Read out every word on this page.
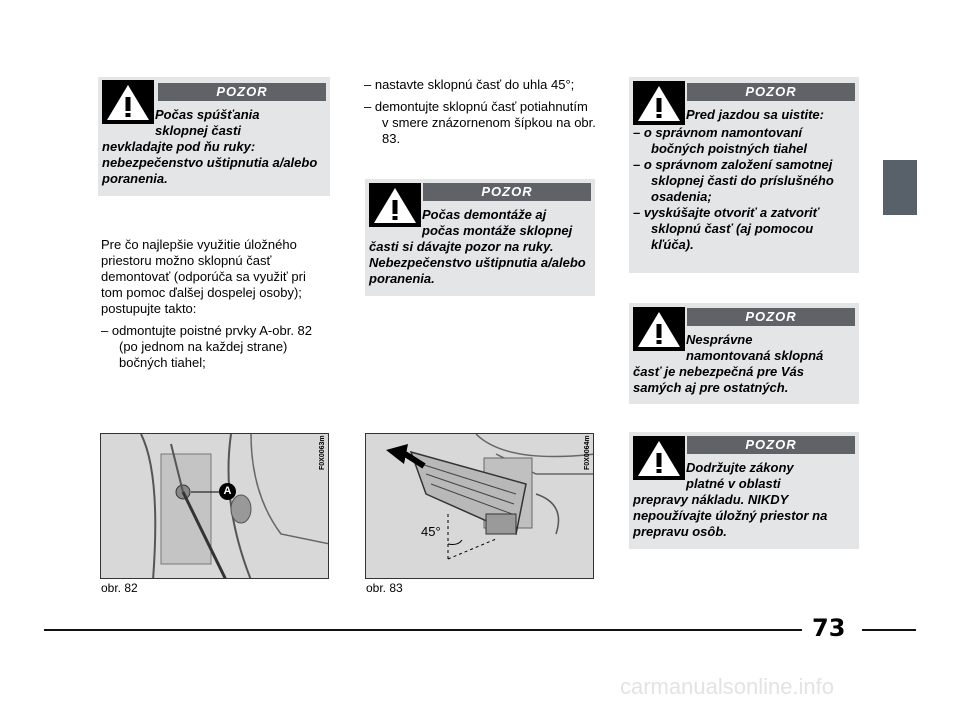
POZOR

Počas spúšťania
sklopnej časti
nevkladajte pod ňu ruky: nebezpečenstvo uštipnutia a/alebo poranenia.

Pre čo najlepšie využitie úložného priestoru možno sklopnú časť demontovať (odporúča sa využiť pri tom pomoc ďalšej dospelej osoby); postupujte takto:

– odmontujte poistné prvky A-obr. 82 (po jednom na každej strane) bočných tiahel;
– nastavte sklopnú časť do uhla 45°;
– demontujte sklopnú časť potiahnutím v smere znázornenom šípkou na obr. 83.
POZOR

Počas demontáže aj
počas montáže sklopnej
časti si dávajte pozor na ruky. Nebezpečenstvo uštipnutia a/alebo poranenia.

POZOR

Pred jazdou sa uistite:

– o správnom namontovaní bočných poistných tiahel
– o správnom založení samotnej sklopnej časti do príslušného osadenia;
– vyskúšajte otvoriť a zatvoriť sklopnú časť (aj pomocou kľúča).
POZOR

Nesprávne
namontovaná sklopná
časť je nebezpečná pre Vás samých aj pre ostatných.

POZOR

Dodržujte zákony
platné v oblasti
prepravy nákladu. NIKDY nepoužívajte úložný priestor na prepravu osôb.

A
F0X0063m
obr. 82
45°
F0X0064m
obr. 83
73
carmanualsonline.info
